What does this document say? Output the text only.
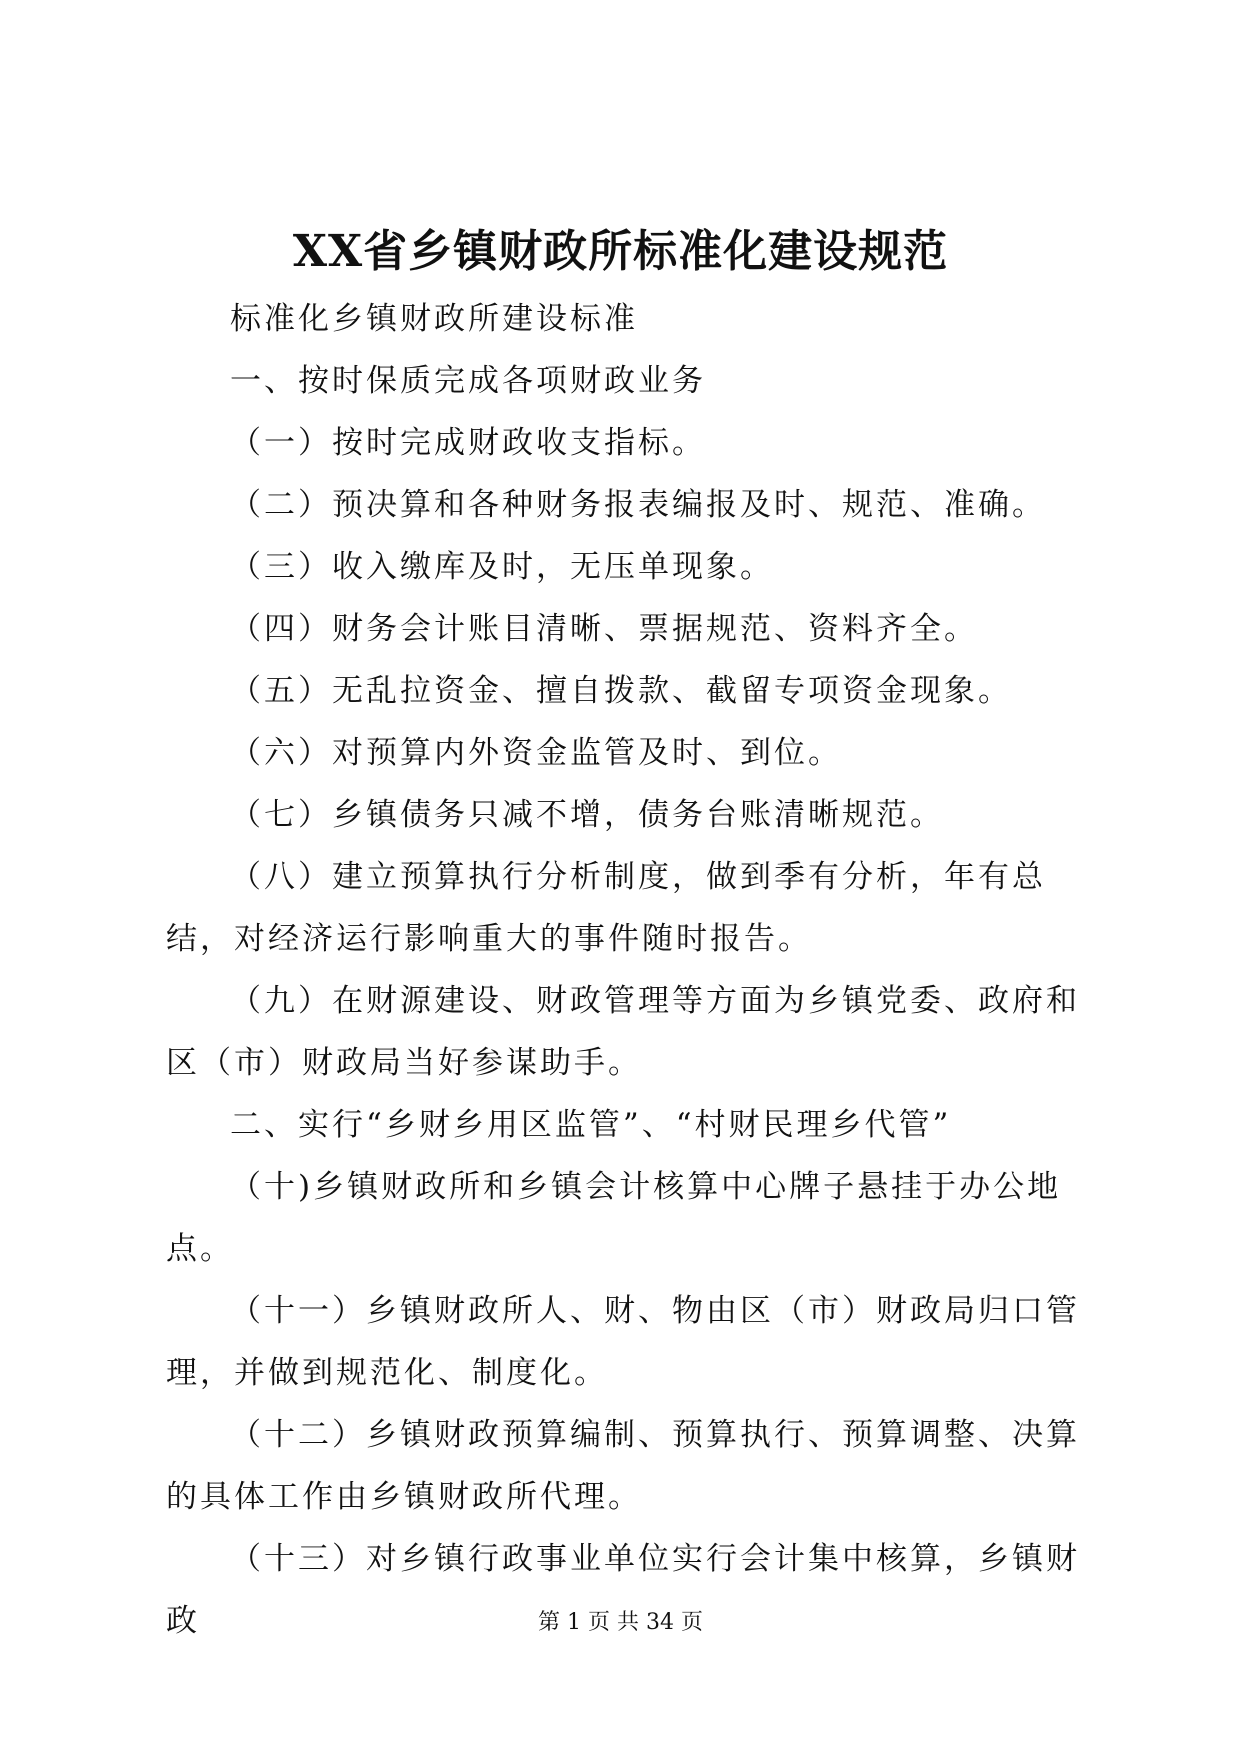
XX省乡镇财政所标准化建设规范

标准化乡镇财政所建设标准

一、按时保质完成各项财政业务

（一）按时完成财政收支指标。

（二）预决算和各种财务报表编报及时、规范、准确。

（三）收入缴库及时，无压单现象。

（四）财务会计账目清晰、票据规范、资料齐全。

（五）无乱拉资金、擅自拨款、截留专项资金现象。

（六）对预算内外资金监管及时、到位。

（七）乡镇债务只减不增，债务台账清晰规范。

（八）建立预算执行分析制度，做到季有分析，年有总结，对经济运行影响重大的事件随时报告。

（九）在财源建设、财政管理等方面为乡镇党委、政府和区（市）财政局当好参谋助手。

二、实行“乡财乡用区监管”、“村财民理乡代管”

（十)乡镇财政所和乡镇会计核算中心牌子悬挂于办公地点。

（十一）乡镇财政所人、财、物由区（市）财政局归口管理，并做到规范化、制度化。

（十二）乡镇财政预算编制、预算执行、预算调整、决算的具体工作由乡镇财政所代理。

（十三）对乡镇行政事业单位实行会计集中核算，乡镇财政	第 1 页 共 34 页
